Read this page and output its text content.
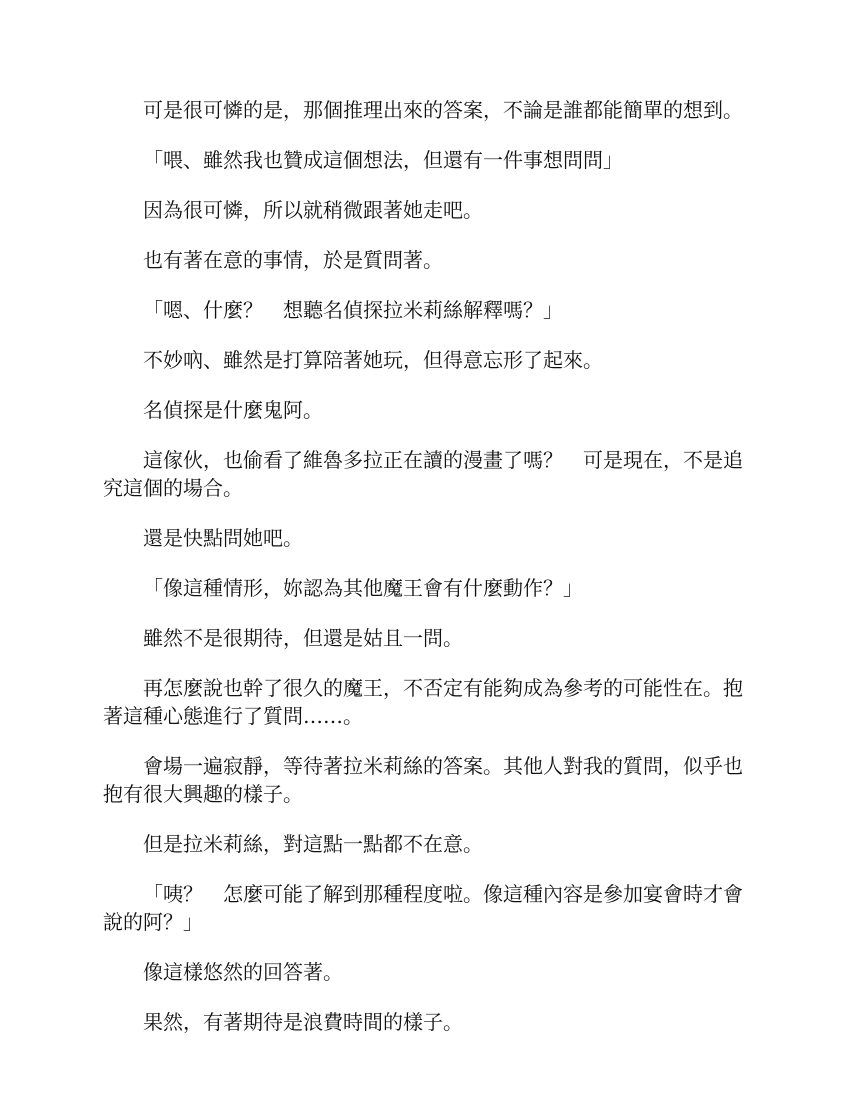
可是很可憐的是，那個推理出來的答案，不論是誰都能簡單的想到。

「喂、雖然我也贊成這個想法，但還有一件事想問問」

因為很可憐，所以就稍微跟著她走吧。

也有著在意的事情，於是質問著。

「嗯、什麼？　想聽名偵探拉米莉絲解釋嗎？」

不妙吶、雖然是打算陪著她玩，但得意忘形了起來。

名偵探是什麼鬼阿。

這傢伙，也偷看了維魯多拉正在讀的漫畫了嗎？　可是現在，不是追究這個的場合。

還是快點問她吧。

「像這種情形，妳認為其他魔王會有什麼動作？」

雖然不是很期待，但還是姑且一問。

再怎麼說也幹了很久的魔王，不否定有能夠成為參考的可能性在。抱著這種心態進行了質問……。

會場一遍寂靜，等待著拉米莉絲的答案。其他人對我的質問，似乎也抱有很大興趣的樣子。

但是拉米莉絲，對這點一點都不在意。

「咦？　怎麼可能了解到那種程度啦。像這種內容是參加宴會時才會說的阿？」

像這樣悠然的回答著。

果然，有著期待是浪費時間的樣子。
